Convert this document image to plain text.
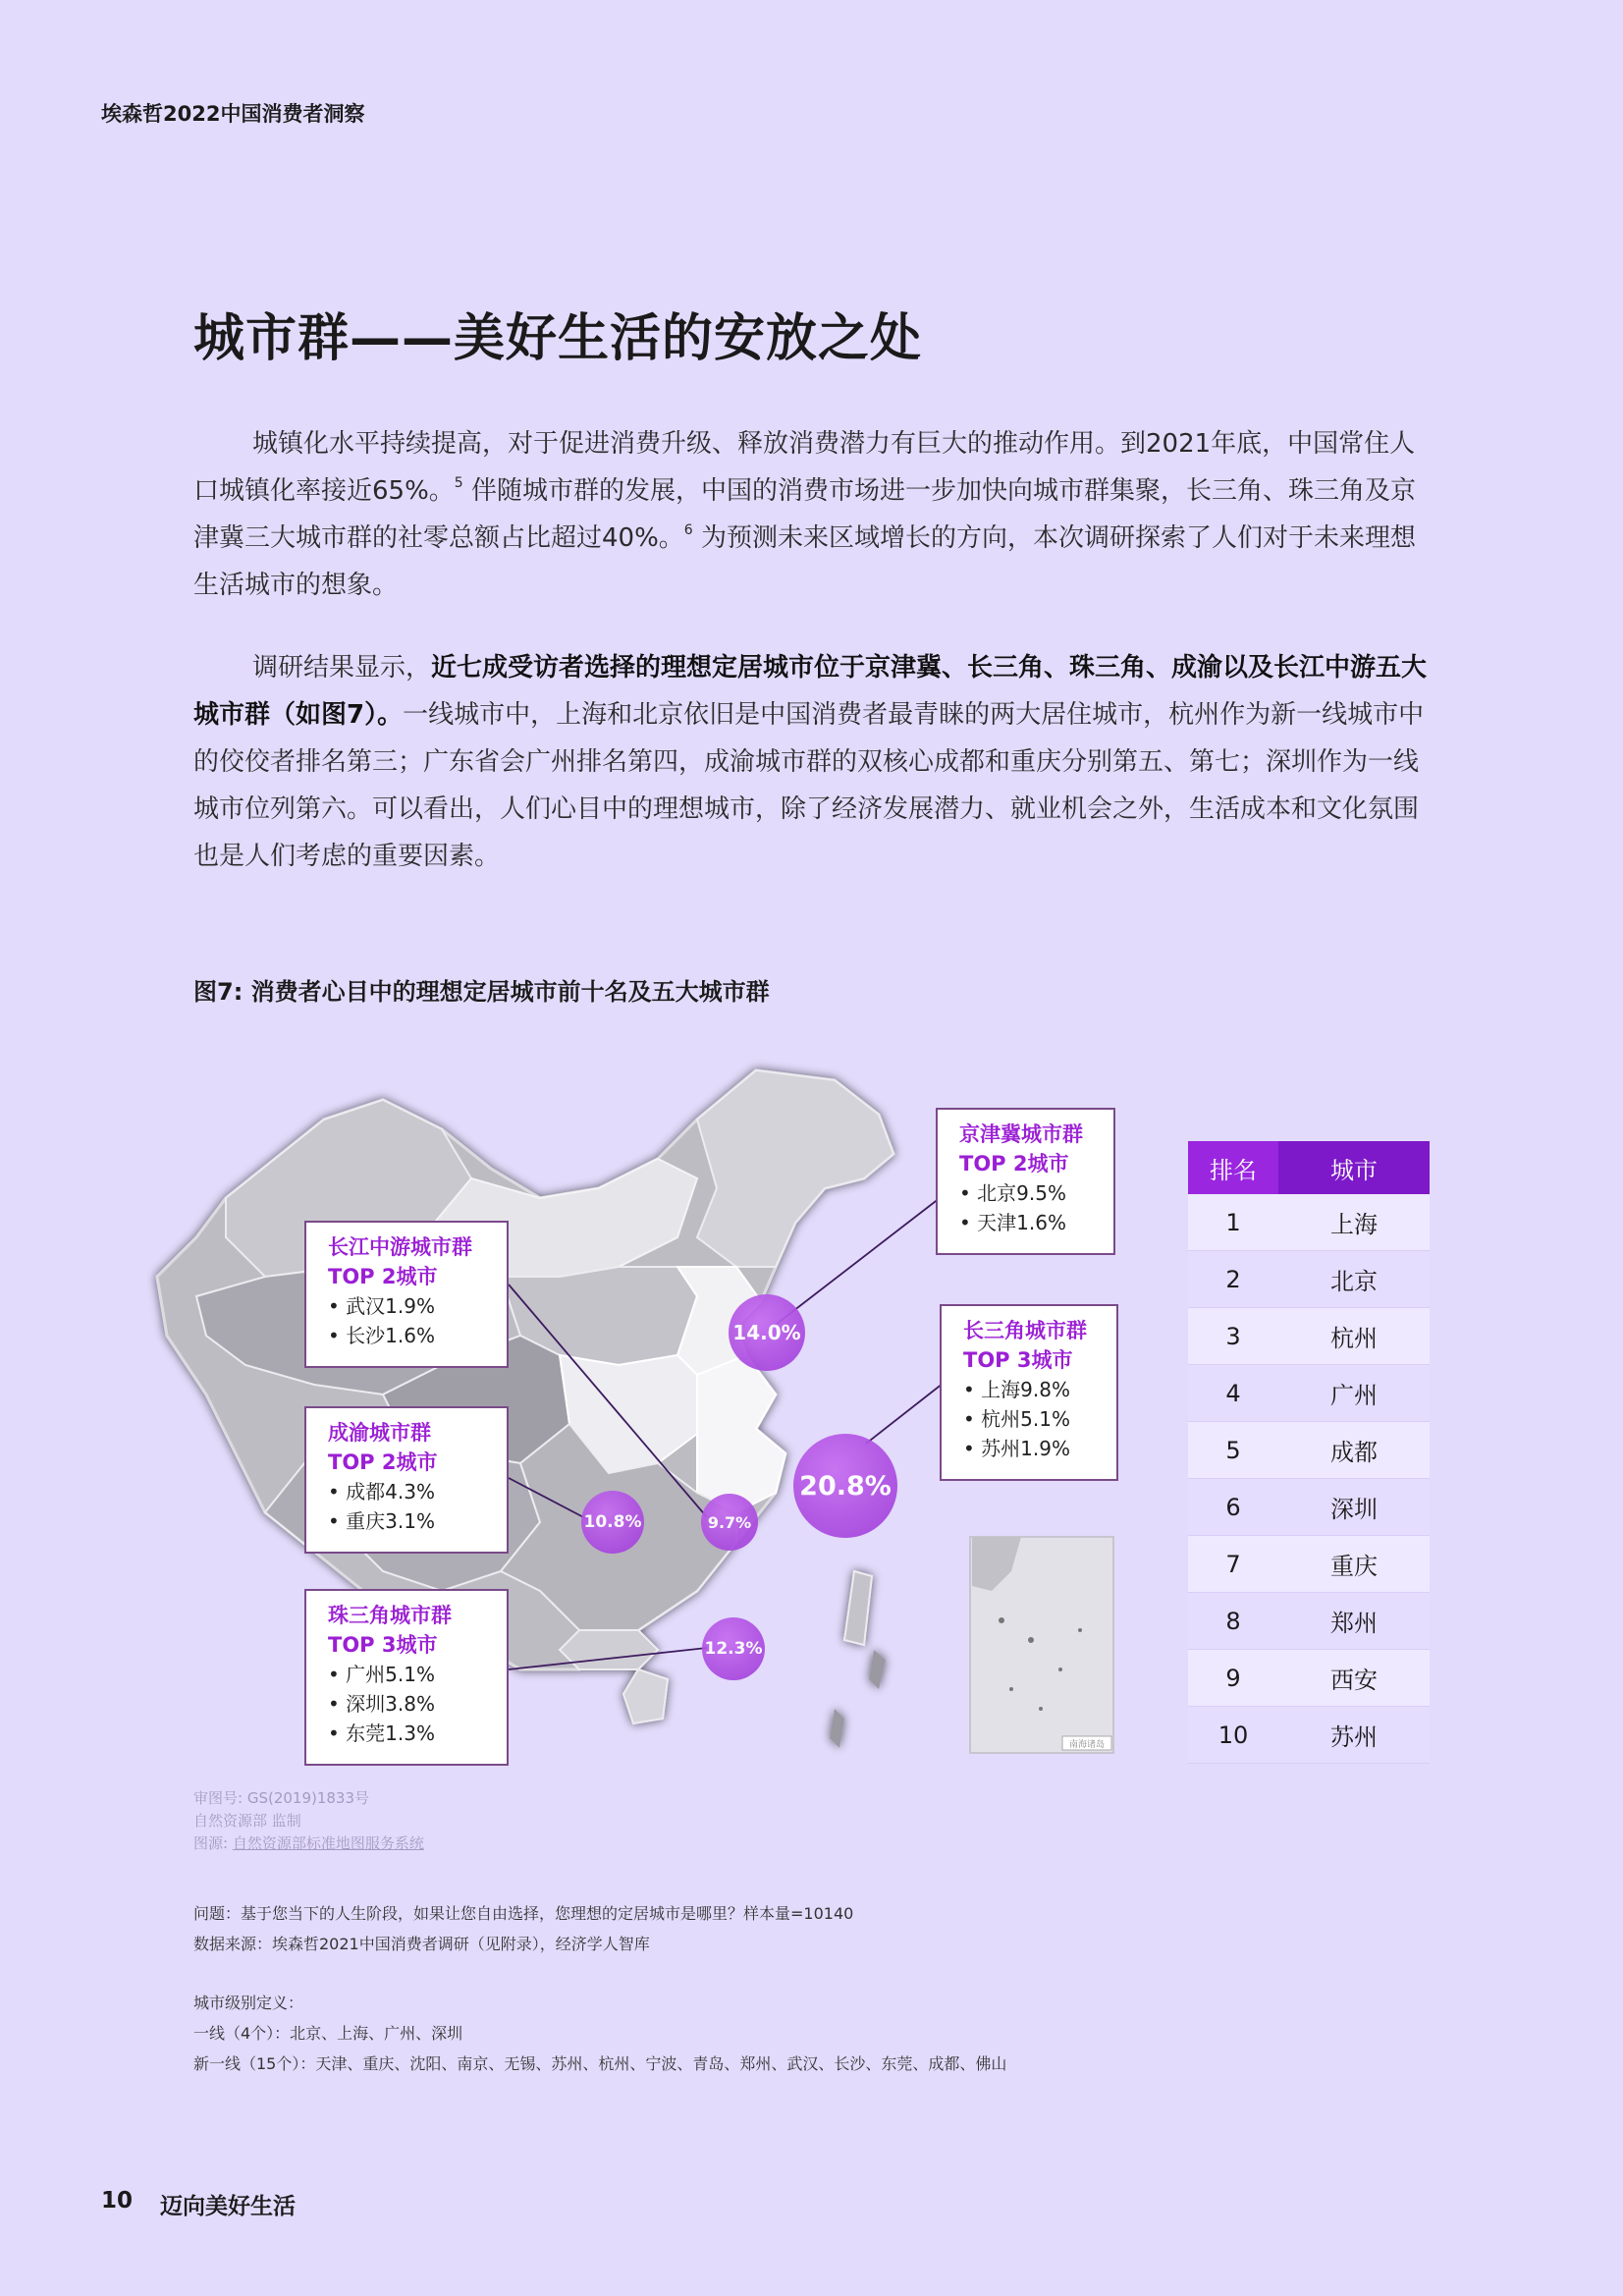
埃森哲2022中国消费者洞察
城市群——美好生活的安放之处

城镇化水平持续提高，对于促进消费升级、释放消费潜力有巨大的推动作用。到2021年底，中国常住人口城镇化率接近65%。$^5$ 伴随城市群的发展，中国的消费市场进一步加快向城市群集聚，长三角、珠三角及京津冀三大城市群的社零总额占比超过40%。$^6$ 为预测未来区域增长的方向，本次调研探索了人们对于未来理想生活城市的想象。

调研结果显示，近七成受访者选择的理想定居城市位于京津冀、长三角、珠三角、成渝以及长江中游五大城市群（如图7）。一线城市中，上海和北京依旧是中国消费者最青睐的两大居住城市，杭州作为新一线城市中的佼佼者排名第三；广东省会广州排名第四，成渝城市群的双核心成都和重庆分别第五、第七；深圳作为一线城市位列第六。可以看出，人们心目中的理想城市，除了经济发展潜力、就业机会之外，生活成本和文化氛围也是人们考虑的重要因素。

图7: 消费者心目中的理想定居城市前十名及五大城市群
南海诸岛
京津冀城市群
TOP 2城市
• 北京9.5%
• 天津1.6%
长江中游城市群
TOP 2城市
• 武汉1.9%
• 长沙1.6%	长三角城市群
TOP 3城市
• 上海9.8%
• 杭州5.1%
• 苏州1.9%
成渝城市群
TOP 2城市
• 成都4.3%
• 重庆3.1%
珠三角城市群
TOP 3城市
• 广州5.1%
• 深圳3.8%
• 东莞1.3%
14.0%
20.8%
10.8%	9.7%
12.3%
排名	城市
1	上海
2	北京
3	杭州
4	广州
5	成都
6	深圳
7	重庆
8	郑州
9	西安
10	苏州
审图号: GS(2019)1833号
自然资源部 监制
图源: 自然资源部标准地图服务系统
问题：基于您当下的人生阶段，如果让您自由选择，您理想的定居城市是哪里？样本量=10140
数据来源：埃森哲2021中国消费者调研（见附录），经济学人智库
城市级别定义：
一线（4个）：北京、上海、广州、深圳
新一线（15个）：天津、重庆、沈阳、南京、无锡、苏州、杭州、宁波、青岛、郑州、武汉、长沙、东莞、成都、佛山
10 迈向美好生活
